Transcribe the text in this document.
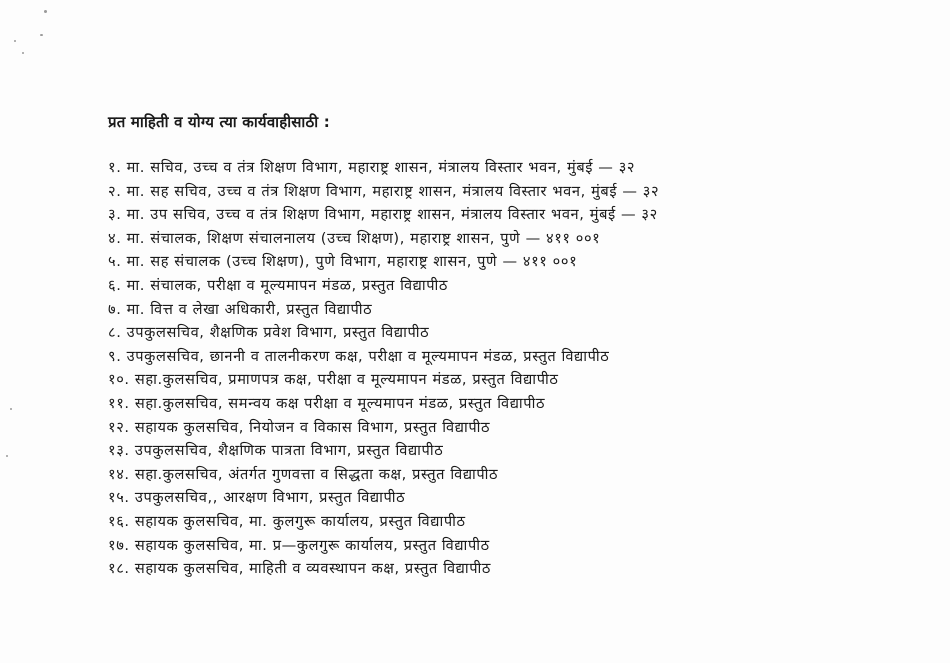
प्रत माहिती व योग्य त्या कार्यवाहीसाठी :
१. मा. सचिव, उच्च व तंत्र शिक्षण विभाग, महाराष्ट्र शासन, मंत्रालय विस्तार भवन, मुंबई — ३२
२. मा. सह सचिव, उच्च व तंत्र शिक्षण विभाग, महाराष्ट्र शासन, मंत्रालय विस्तार भवन, मुंबई — ३२
३. मा. उप सचिव, उच्च व तंत्र शिक्षण विभाग, महाराष्ट्र शासन, मंत्रालय विस्तार भवन, मुंबई — ३२
४. मा. संचालक, शिक्षण संचालनालय (उच्च शिक्षण), महाराष्ट्र शासन, पुणे — ४११ ००१
५. मा. सह संचालक (उच्च शिक्षण), पुणे विभाग, महाराष्ट्र शासन, पुणे — ४११ ००१
६. मा. संचालक, परीक्षा व मूल्यमापन मंडळ, प्रस्तुत विद्यापीठ
७. मा. वित्त व लेखा अधिकारी, प्रस्तुत विद्यापीठ
८. उपकुलसचिव, शैक्षणिक प्रवेश विभाग, प्रस्तुत विद्यापीठ
९. उपकुलसचिव, छाननी व तालनीकरण कक्ष, परीक्षा व मूल्यमापन मंडळ, प्रस्तुत विद्यापीठ
१०. सहा.कुलसचिव, प्रमाणपत्र कक्ष, परीक्षा व मूल्यमापन मंडळ, प्रस्तुत विद्यापीठ
११. सहा.कुलसचिव, समन्वय कक्ष परीक्षा व मूल्यमापन मंडळ, प्रस्तुत विद्यापीठ
१२. सहायक कुलसचिव, नियोजन व विकास विभाग, प्रस्तुत विद्यापीठ
१३. उपकुलसचिव, शैक्षणिक पात्रता विभाग, प्रस्तुत विद्यापीठ
१४. सहा.कुलसचिव, अंतर्गत गुणवत्ता व सिद्धता कक्ष, प्रस्तुत विद्यापीठ
१५. उपकुलसचिव,, आरक्षण विभाग, प्रस्तुत विद्यापीठ
१६. सहायक कुलसचिव, मा. कुलगुरू कार्यालय, प्रस्तुत विद्यापीठ
१७. सहायक कुलसचिव, मा. प्र—कुलगुरू कार्यालय, प्रस्तुत विद्यापीठ
१८. सहायक कुलसचिव, माहिती व व्यवस्थापन कक्ष, प्रस्तुत विद्यापीठ
